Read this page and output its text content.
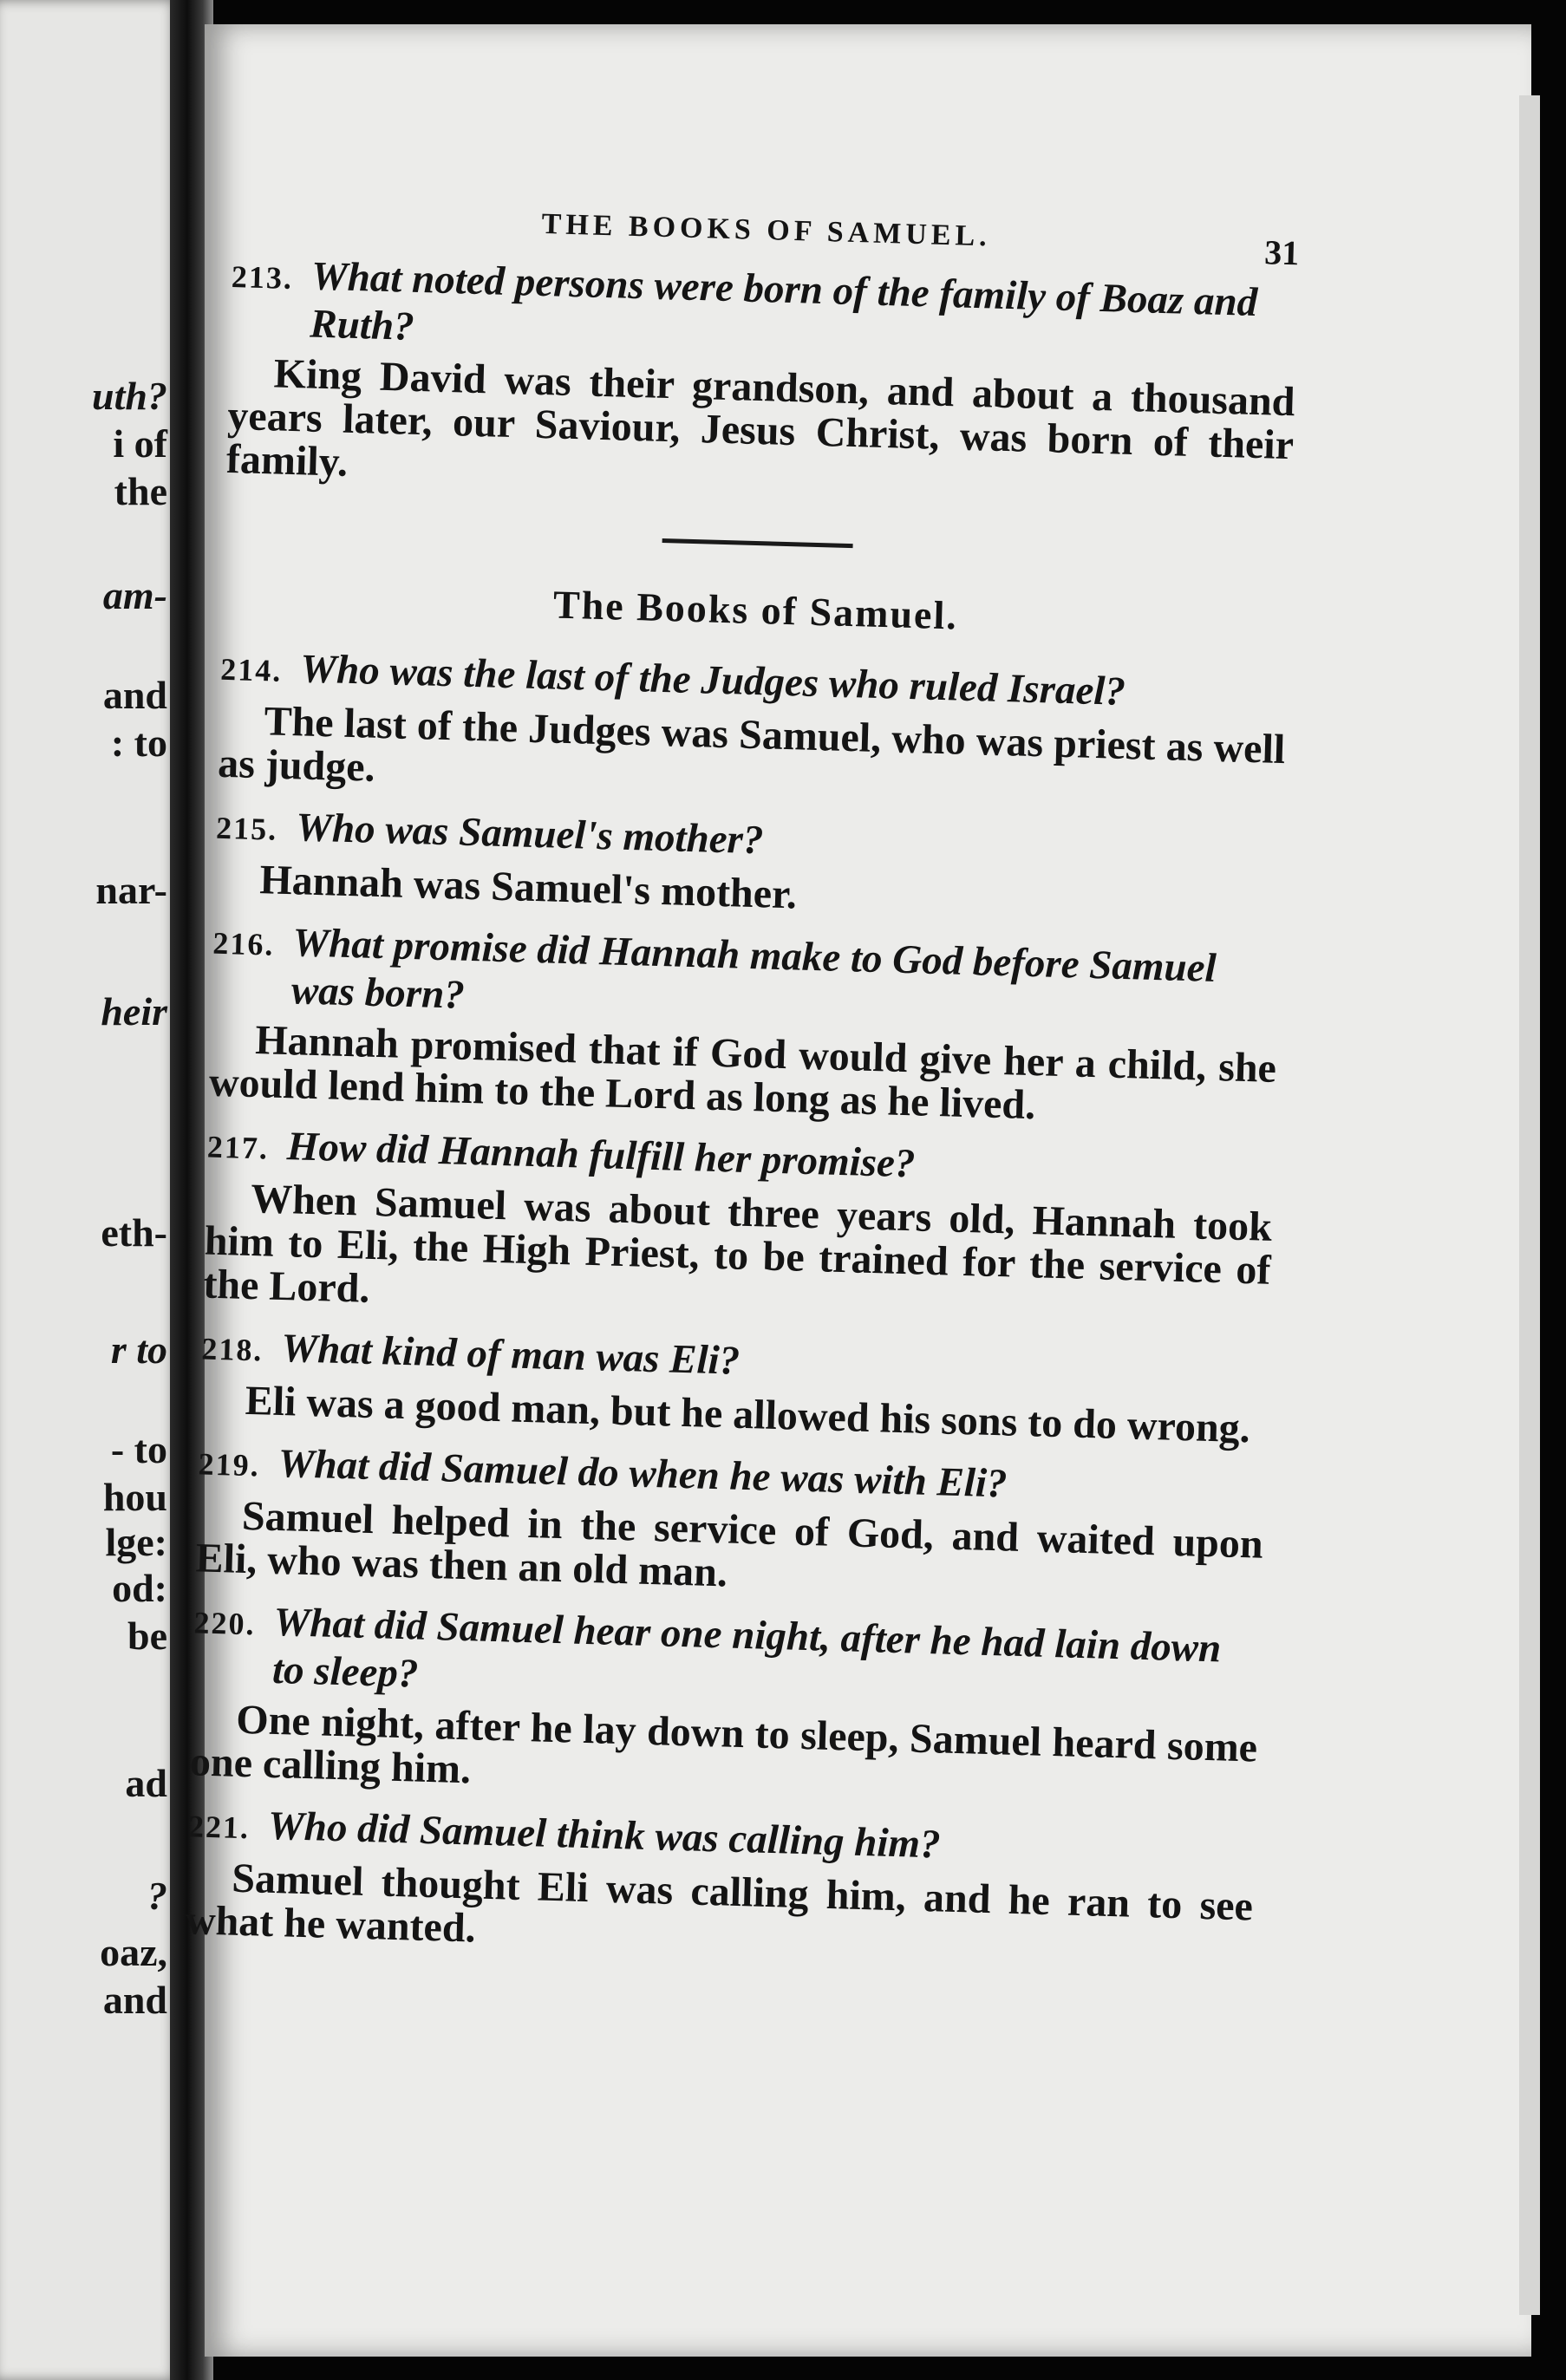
uth?
i of
the
am-
and
: to
nar-
heir
eth-
r to
- to
hou
lge:
od:
be
ad
?
oaz,
and
THE BOOKS OF SAMUEL.	31
213. What noted persons were born of the family of Boaz and Ruth?
King David was their grandson, and about a thousand years later, our Saviour, Jesus Christ, was born of their family.
The Books of Samuel.
214. Who was the last of the Judges who ruled Israel?
The last of the Judges was Samuel, who was priest as well as judge.
215. Who was Samuel's mother?
Hannah was Samuel's mother.
216. What promise did Hannah make to God before Samuel was born?
Hannah promised that if God would give her a child, she would lend him to the Lord as long as he lived.
217. How did Hannah fulfill her promise?
When Samuel was about three years old, Hannah took him to Eli, the High Priest, to be trained for the service of the Lord.
218. What kind of man was Eli?
Eli was a good man, but he allowed his sons to do wrong.
219. What did Samuel do when he was with Eli?
Samuel helped in the service of God, and waited upon Eli, who was then an old man.
220. What did Samuel hear one night, after he had lain down to sleep?
One night, after he lay down to sleep, Samuel heard some one calling him.
221. Who did Samuel think was calling him?
Samuel thought Eli was calling him, and he ran to see what he wanted.
